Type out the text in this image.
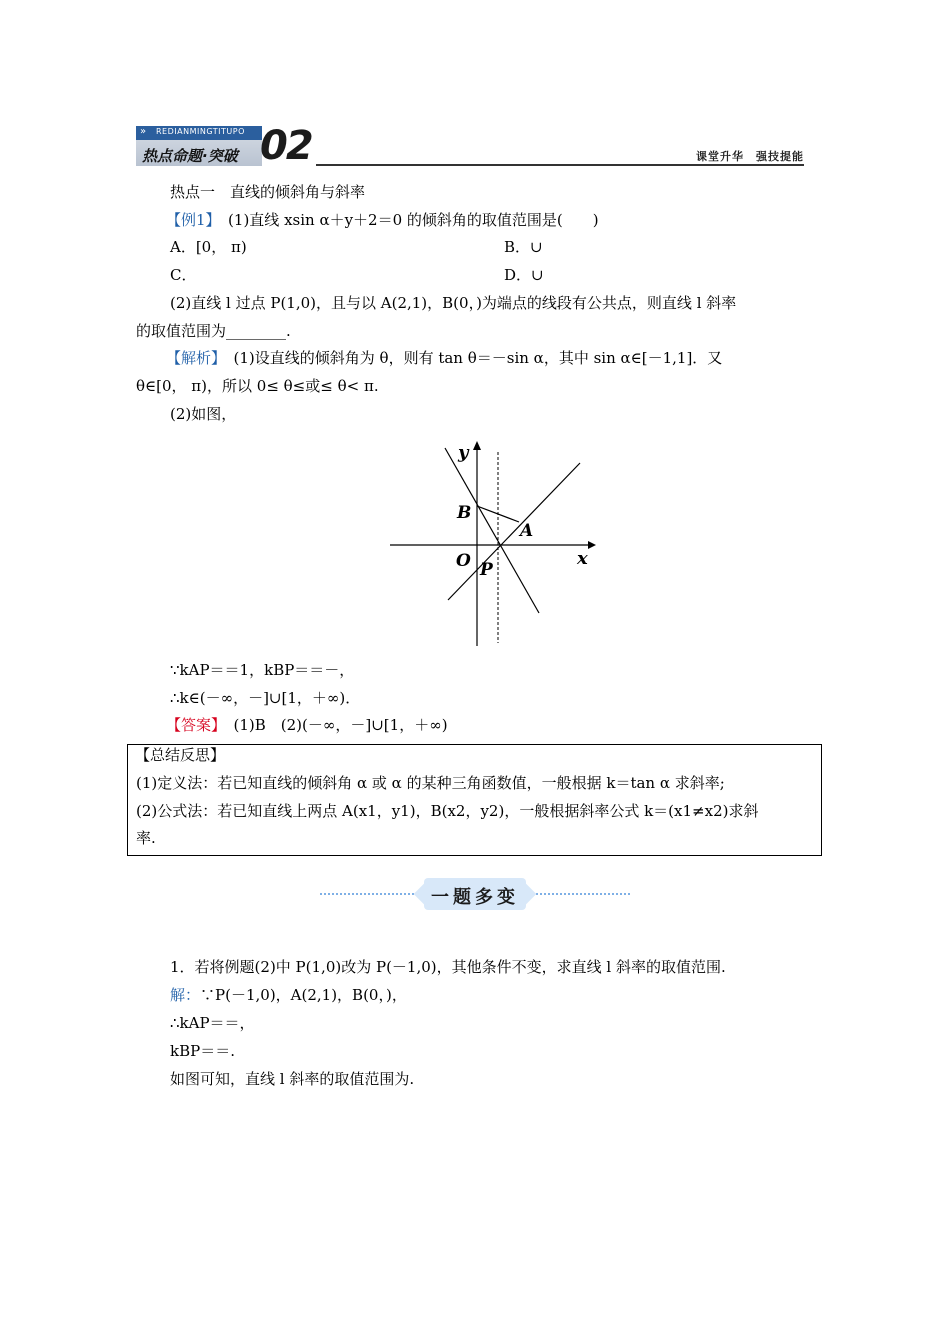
» REDIANMINGTITUPO
热点命题·突破 02	课堂升华　强技提能
热点一　直线的倾斜角与斜率
【例1】　(1)直线 xsin α＋y＋2＝0 的倾斜角的取值范围是(　　)
A．[0， π)	B．∪
C．	D．∪
(2)直线 l 过点 P(1,0)，且与以 A(2,1)，B(0，)为端点的线段有公共点，则直线 l 斜率
的取值范围为________.
【解析】　(1)设直线的倾斜角为 θ，则有 tan θ＝－sin α，其中 sin α∈[－1,1]．又
θ∈[0， π)，所以 0≤ θ≤或≤ θ< π.
(2)如图，
y
x
O P
A
B
∵kAP＝＝1，kBP＝＝－，
∴k∈(－∞，－]∪[1，＋∞)．
【答案】　(1)B　(2)(－∞，－]∪[1，＋∞)
【总结反思】
(1)定义法：若已知直线的倾斜角 α 或 α 的某种三角函数值，一般根据 k＝tan α 求斜率;
(2)公式法：若已知直线上两点 A(x1，y1)，B(x2，y2)，一般根据斜率公式 k＝(x1≠x2)求斜
率.
一题多变
1．若将例题(2)中 P(1,0)改为 P(－1,0)，其他条件不变，求直线 l 斜率的取值范围.
解：∵P(－1,0)，A(2,1)，B(0，)，
∴kAP＝＝，
kBP＝＝.
如图可知，直线 l 斜率的取值范围为.
